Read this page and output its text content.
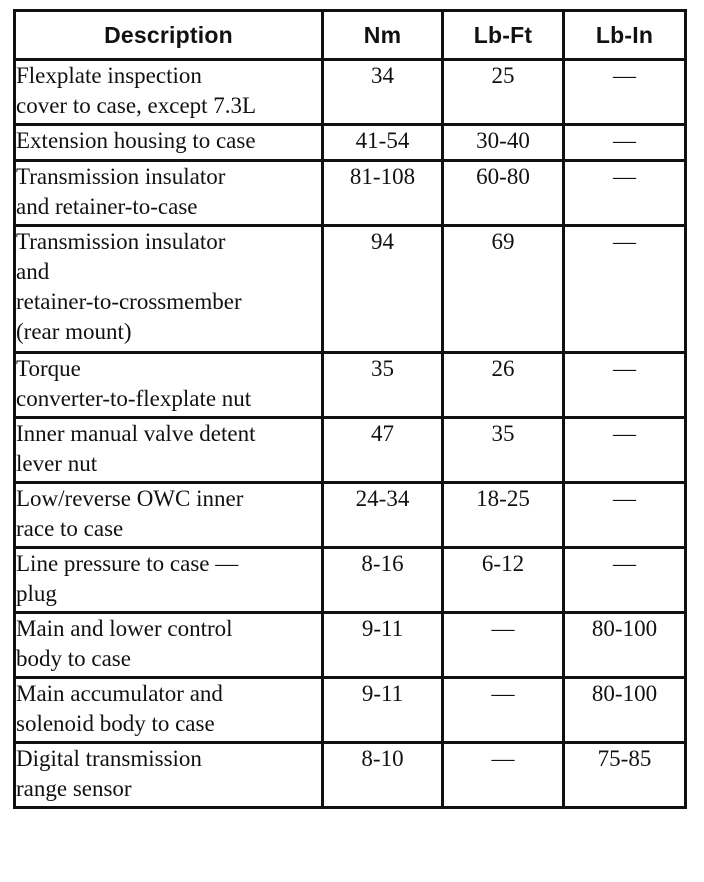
Description	Nm	Lb-Ft	Lb-In

Flexplate inspection
cover to case, except 7.3L	34	25	—

Extension housing to case	41-54	30-40	—

Transmission insulator
and retainer-to-case	81-108	60-80	—

Transmission insulator
and
retainer-to-crossmember
(rear mount)	94	69	—

Torque
converter-to-flexplate nut	35	26	—

Inner manual valve detent
lever nut	47	35	—

Low/reverse OWC inner
race to case	24-34	18-25	—

Line pressure to case —
plug	8-16	6-12	—

Main and lower control
body to case	9-11	—	80-100

Main accumulator and
solenoid body to case	9-11	—	80-100

Digital transmission
range sensor	8-10	—	75-85
